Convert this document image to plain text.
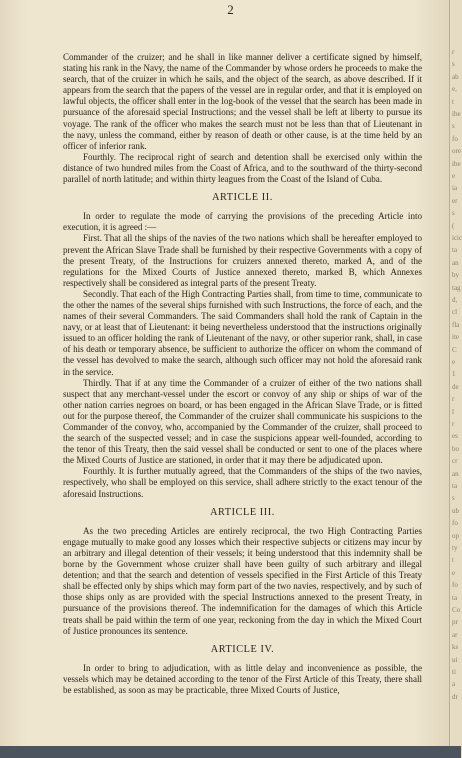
2

Commander of the cruizer; and he shall in like manner deliver a certificate signed by himself, stating his rank in the Navy, the name of the Commander by whose orders he proceeds to make the search, that of the cruizer in which he sails, and the object of the search, as above described. If it appears from the search that the papers of the vessel are in regular order, and that it is employed on lawful objects, the officer shall enter in the log-book of the vessel that the search has been made in pursuance of the aforesaid special Instructions; and the vessel shall be left at liberty to pursue its voyage. The rank of the officer who makes the search must not be less than that of Lieutenant in the navy, unless the command, either by reason of death or other cause, is at the time held by an officer of inferior rank.

Fourthly. The reciprocal right of search and detention shall be exercised only within the distance of two hundred miles from the Coast of Africa, and to the southward of the thirty-second parallel of north latitude; and within thirty leagues from the Coast of the Island of Cuba.

ARTICLE II.

In order to regulate the mode of carrying the provisions of the preceding Article into execution, it is agreed :—

First. That all the ships of the navies of the two nations which shall be hereafter employed to prevent the African Slave Trade shall be furnished by their respective Governments with a copy of the present Treaty, of the Instructions for cruizers annexed thereto, marked A, and of the regulations for the Mixed Courts of Justice annexed thereto, marked B, which Annexes respectively shall be considered as integral parts of the present Treaty.

Secondly. That each of the High Contracting Parties shall, from time to time, communicate to the other the names of the several ships furnished with such Instructions, the force of each, and the names of their several Commanders. The said Commanders shall hold the rank of Captain in the navy, or at least that of Lieutenant: it being nevertheless understood that the instructions originally issued to an officer holding the rank of Lieutenant of the navy, or other superior rank, shall, in case of his death or temporary absence, be sufficient to authorize the officer on whom the command of the vessel has devolved to make the search, although such officer may not hold the aforesaid rank in the service.

Thirdly. That if at any time the Commander of a cruizer of either of the two nations shall suspect that any merchant-vessel under the escort or convoy of any ship or ships of war of the other nation carries negroes on board, or has been engaged in the African Slave Trade, or is fitted out for the purpose thereof, the Commander of the cruizer shall communicate his suspicions to the Commander of the convoy, who, accompanied by the Commander of the cruizer, shall proceed to the search of the suspected vessel; and in case the suspicions appear well-founded, according to the tenor of this Treaty, then the said vessel shall be conducted or sent to one of the places where the Mixed Courts of Justice are stationed, in order that it may there be adjudicated upon.

Fourthly. It is further mutually agreed, that the Commanders of the ships of the two navies, respectively, who shall be employed on this service, shall adhere strictly to the exact tenour of the aforesaid Instructions.

ARTICLE III.

As the two preceding Articles are entirely reciprocal, the two High Contracting Parties engage mutually to make good any losses which their respective subjects or citizens may incur by an arbitrary and illegal detention of their vessels; it being understood that this indemnity shall be borne by the Government whose cruizer shall have been guilty of such arbitrary and illegal detention; and that the search and detention of vessels specified in the First Article of this Treaty shall be effected only by ships which may form part of the two navies, respectively, and by such of those ships only as are provided with the special Instructions annexed to the present Treaty, in pursuance of the provisions thereof. The indemnification for the damages of which this Article treats shall be paid within the term of one year, reckoning from the day in which the Mixed Court of Justice pronounces its sentence.

ARTICLE IV.

In order to bring to adjudication, with as little delay and inconvenience as possible, the vessels which may be detained according to the tenor of the First Article of this Treaty, there shall be established, as soon as may be practicable, three Mixed Courts of Justice,

r
s
ab
e,
t
ibe
s
fo
ore
ibe
e
ia
er
s
(
icic
ta
an
by
tag
d,
cl
fla
ite
C
e
1
de
r
l
r
es
bo
cr
an
ta
s
ub
fo
op
ty
t
e
fo
ta
Co
pr
ar
ks
ui
ti
a
dr
